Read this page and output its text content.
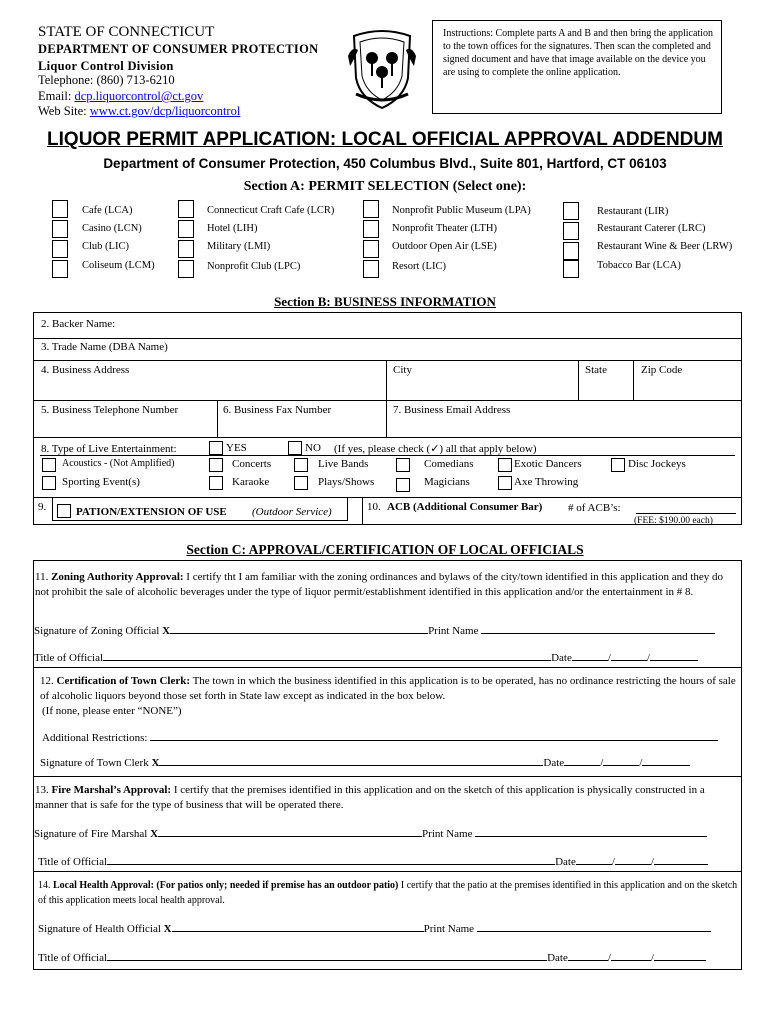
STATE OF CONNECTICUT
DEPARTMENT OF CONSUMER PROTECTION
Liquor Control Division
Telephone: (860) 713-6210
Email: dcp.liquorcontrol@ct.gov
Web Site: www.ct.gov/dcp/liquorcontrol
Instructions: Complete parts A and B and then bring the application to the town offices for the signatures. Then scan the completed and signed document and have that image available on the device you are using to complete the online application.
LIQUOR PERMIT APPLICATION: LOCAL OFFICIAL APPROVAL ADDENDUM
Department of Consumer Protection, 450 Columbus Blvd., Suite 801, Hartford, CT 06103
Section A: PERMIT SELECTION (Select one):
Cafe (LCA)
Casino (LCN)
Club (LIC)
Coliseum (LCM)
Connecticut Craft Cafe (LCR)
Hotel (LIH)
Military (LMI)
Nonprofit Club (LPC)
Nonprofit Public Museum (LPA)
Nonprofit Theater (LTH)
Outdoor Open Air (LSE)
Resort (LIC)
Restaurant (LIR)
Restaurant Caterer (LRC)
Restaurant Wine & Beer (LRW)
Tobacco Bar (LCA)
Section B: BUSINESS INFORMATION
2. Backer Name:
3. Trade Name (DBA Name)
4. Business Address	City	State	Zip Code
5. Business Telephone Number	6. Business Fax Number	7. Business Email Address
8. Type of Live Entertainment:	YES	NO (If yes, please check (✓) all that apply below)
Acoustics - (Not Amplified)	Concerts	Live Bands	Comedians	Exotic Dancers	Disc Jockeys
Sporting Event(s)	Karaoke	Plays/Shows	Magicians	Axe Throwing
9.	PATION/EXTENSION OF USE (Outdoor Service)	10. ACB (Additional Consumer Bar) # of ACB’s:
(FEE: $190.00 each)
Section C: APPROVAL/CERTIFICATION OF LOCAL OFFICIALS
11. Zoning Authority Approval: I certify tht I am familiar with the zoning ordinances and bylaws of the city/town identified in this application and they do not prohibit the sale of alcoholic beverages under the type of liquor permit/establishment identified in this application and/or the entertainment in # 8.
Signature of Zoning Official X	Print Name
Title of Official	Date	/	/
12. Certification of Town Clerk: The town in which the business identified in this application is to be operated, has no ordinance restricting the hours of sale of alcoholic liquors beyond those set forth in State law except as indicated in the box below.
(If none, please enter “NONE”)
Additional Restrictions:
Signature of Town Clerk X	Date	/	/
13. Fire Marshal’s Approval: I certify that the premises identified in this application and on the sketch of this application is physically constructed in a manner that is safe for the type of business that will be operated there.
Signature of Fire Marshal X	Print Name
Title of Official	Date	/	/
14. Local Health Approval: (For patios only; needed if premise has an outdoor patio) I certify that the patio at the premises identified in this application and on the sketch of this application meets local health approval.
Signature of Health Official X	Print Name
Title of Official	Date	/	/
